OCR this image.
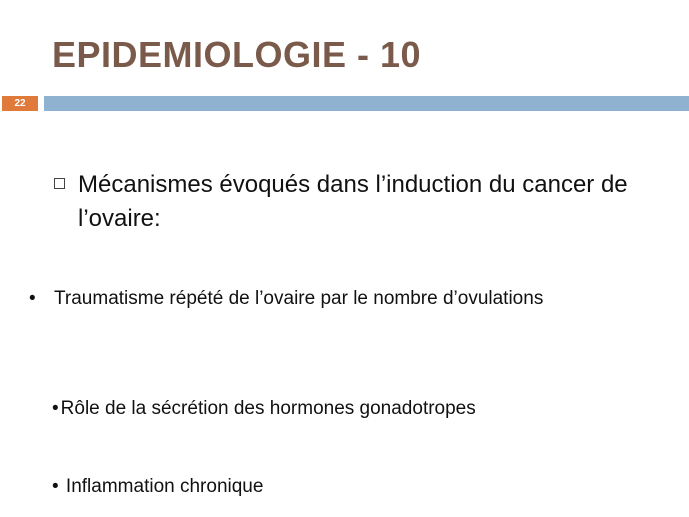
EPIDEMIOLOGIE - 10
22

Mécanismes évoqués dans l’induction du cancer de l’ovaire:

• Traumatisme répété de l’ovaire par le nombre d’ovulations
• Rôle de la sécrétion des hormones gonadotropes
• Inflammation chronique
